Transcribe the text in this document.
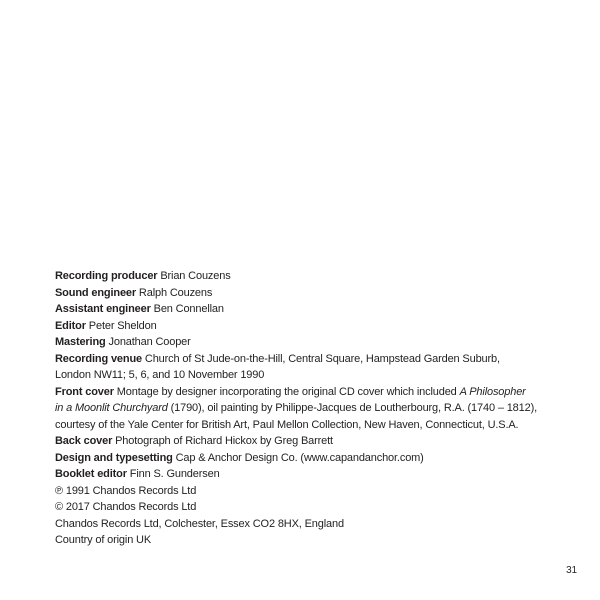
Recording producer Brian Couzens
Sound engineer Ralph Couzens
Assistant engineer Ben Connellan
Editor Peter Sheldon
Mastering Jonathan Cooper
Recording venue Church of St Jude-on-the-Hill, Central Square, Hampstead Garden Suburb,
London NW11; 5, 6, and 10 November 1990
Front cover Montage by designer incorporating the original CD cover which included A Philosopher
in a Moonlit Churchyard (1790), oil painting by Philippe-Jacques de Loutherbourg, R.A. (1740 – 1812),
courtesy of the Yale Center for British Art, Paul Mellon Collection, New Haven, Connecticut, U.S.A.
Back cover Photograph of Richard Hickox by Greg Barrett
Design and typesetting Cap & Anchor Design Co. (www.capandanchor.com)
Booklet editor Finn S. Gundersen
℗ 1991 Chandos Records Ltd
© 2017 Chandos Records Ltd
Chandos Records Ltd, Colchester, Essex CO2 8HX, England
Country of origin UK
31
